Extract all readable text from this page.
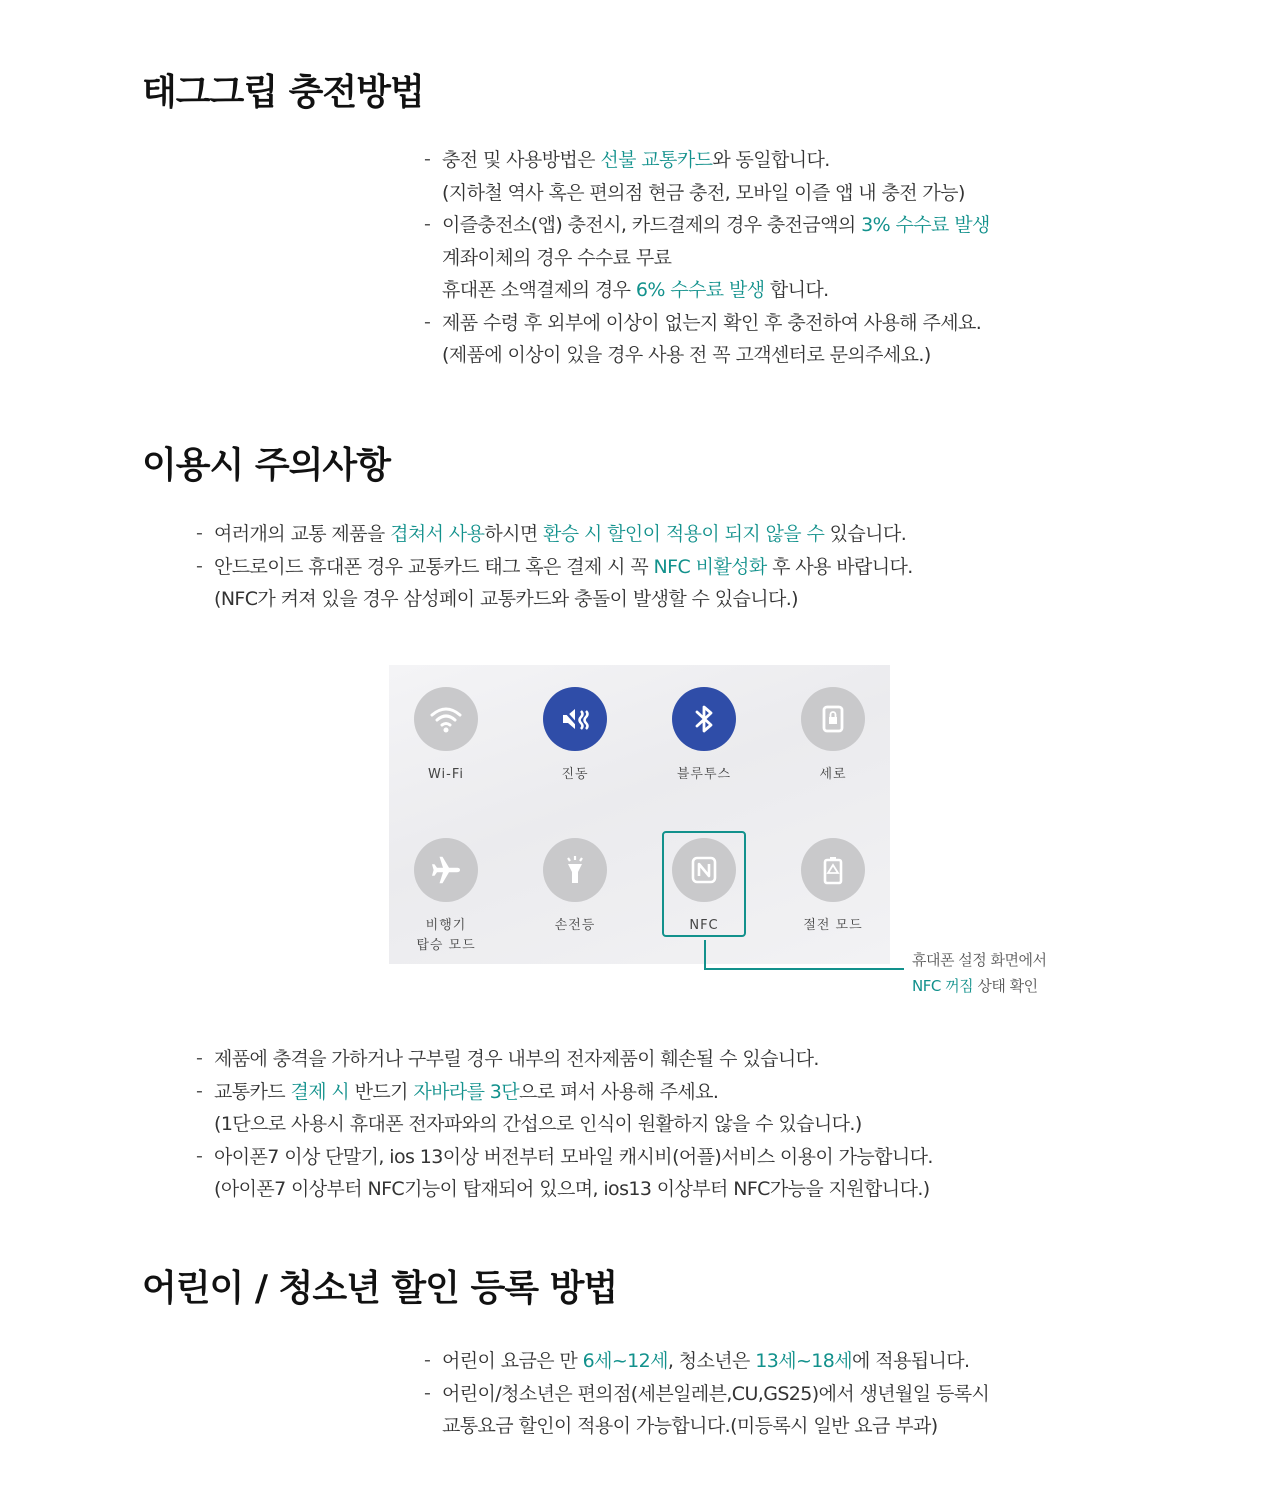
태그그립 충전방법
- 충전 및 사용방법은 선불 교통카드와 동일합니다.
(지하철 역사 혹은 편의점 현금 충전, 모바일 이즐 앱 내 충전 가능)
- 이즐충전소(앱) 충전시, 카드결제의 경우 충전금액의 3% 수수료 발생
계좌이체의 경우 수수료 무료
휴대폰 소액결제의 경우 6% 수수료 발생 합니다.
- 제품 수령 후 외부에 이상이 없는지 확인 후 충전하여 사용해 주세요.
(제품에 이상이 있을 경우 사용 전 꼭 고객센터로 문의주세요.)
이용시 주의사항
- 여러개의 교통 제품을 겹쳐서 사용하시면 환승 시 할인이 적용이 되지 않을 수 있습니다.
- 안드로이드 휴대폰 경우 교통카드 태그 혹은 결제 시 꼭 NFC 비활성화 후 사용 바랍니다.
(NFC가 켜져 있을 경우 삼성페이 교통카드와 충돌이 발생할 수 있습니다.)
Wi-Fi	진동	블루투스	세로
비행기
탑승 모드
손전등	NFC	절전 모드
휴대폰 설정 화면에서
NFC 꺼짐 상태 확인
- 제품에 충격을 가하거나 구부릴 경우 내부의 전자제품이 훼손될 수 있습니다.
- 교통카드 결제 시 반드기 자바라를 3단으로 펴서 사용해 주세요.
(1단으로 사용시 휴대폰 전자파와의 간섭으로 인식이 원활하지 않을 수 있습니다.)
- 아이폰7 이상 단말기, ios 13이상 버전부터 모바일 캐시비(어플)서비스 이용이 가능합니다.
(아이폰7 이상부터 NFC기능이 탑재되어 있으며, ios13 이상부터 NFC가능을 지원합니다.)
어린이 / 청소년 할인 등록 방법
- 어린이 요금은 만 6세~12세, 청소년은 13세~18세에 적용됩니다.
- 어린이/청소년은 편의점(세븐일레븐,CU,GS25)에서 생년월일 등록시
교통요금 할인이 적용이 가능합니다.(미등록시 일반 요금 부과)
